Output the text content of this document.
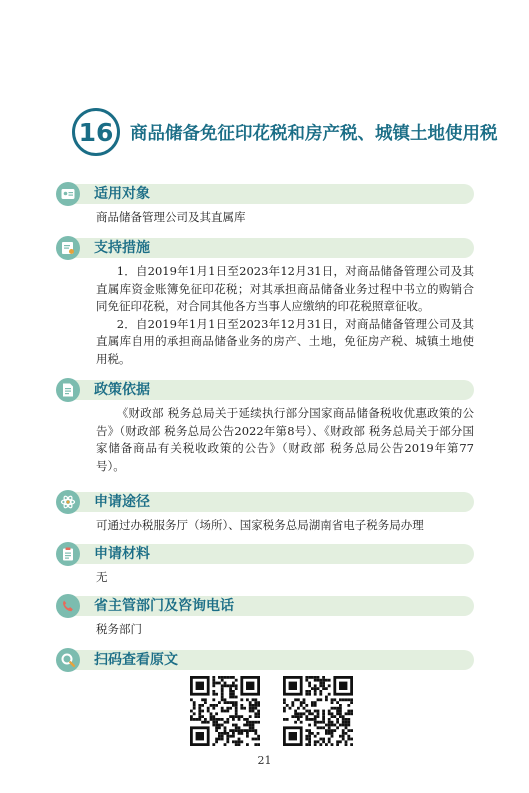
16 商品储备免征印花税和房产税、城镇土地使用税
适用对象
商品储备管理公司及其直属库
支持措施

1．自2019年1月1日至2023年12月31日，对商品储备管理公司及其直属库资金账簿免征印花税；对其承担商品储备业务过程中书立的购销合同免征印花税，对合同其他各方当事人应缴纳的印花税照章征收。

2．自2019年1月1日至2023年12月31日，对商品储备管理公司及其直属库自用的承担商品储备业务的房产、土地，免征房产税、城镇土地使用税。

政策依据
《财政部 税务总局关于延续执行部分国家商品储备税收优惠政策的公告》（财政部 税务总局公告2022年第8号）、《财政部 税务总局关于部分国家储备商品有关税收政策的公告》（财政部 税务总局公告2019年第77号）。
申请途径
可通过办税服务厅（场所）、国家税务总局湖南省电子税务局办理
申请材料
无
省主管部门及咨询电话
税务部门
扫码查看原文
21
